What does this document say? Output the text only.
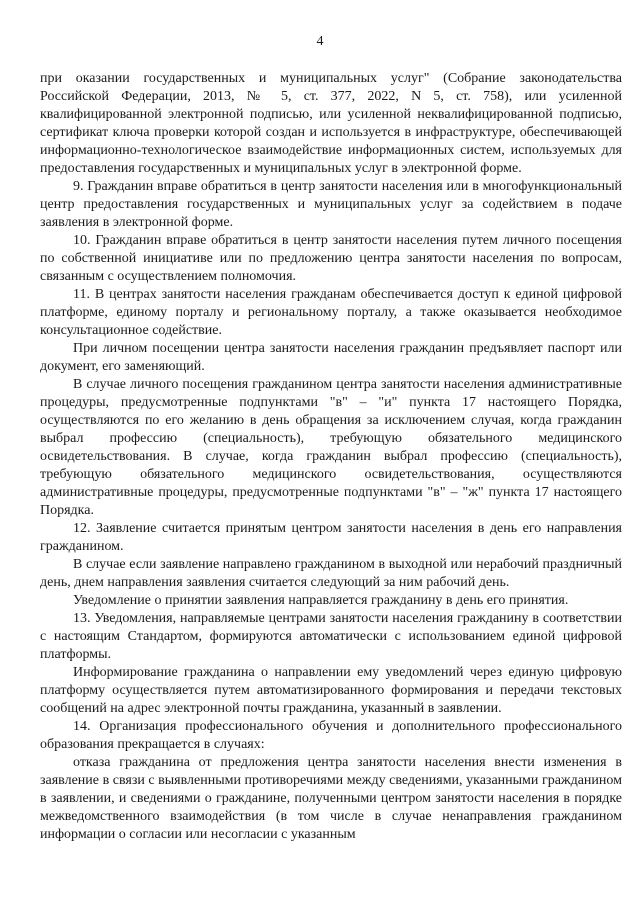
4

при оказании государственных и муниципальных услуг" (Собрание законодательства Российской Федерации, 2013, № 5, ст. 377, 2022, N 5, ст. 758), или усиленной квалифицированной электронной подписью, или усиленной неквалифицированной подписью, сертификат ключа проверки которой создан и используется в инфраструктуре, обеспечивающей информационно-технологическое взаимодействие информационных систем, используемых для предоставления государственных и муниципальных услуг в электронной форме.

9. Гражданин вправе обратиться в центр занятости населения или в многофункциональный центр предоставления государственных и муниципальных услуг за содействием в подаче заявления в электронной форме.

10. Гражданин вправе обратиться в центр занятости населения путем личного посещения по собственной инициативе или по предложению центра занятости населения по вопросам, связанным с осуществлением полномочия.

11. В центрах занятости населения гражданам обеспечивается доступ к единой цифровой платформе, единому порталу и региональному порталу, а также оказывается необходимое консультационное содействие.

При личном посещении центра занятости населения гражданин предъявляет паспорт или документ, его заменяющий.

В случае личного посещения гражданином центра занятости населения административные процедуры, предусмотренные подпунктами "в" – "и" пункта 17 настоящего Порядка, осуществляются по его желанию в день обращения за исключением случая, когда гражданин выбрал профессию (специальность), требующую обязательного медицинского освидетельствования. В случае, когда гражданин выбрал профессию (специальность), требующую обязательного медицинского освидетельствования, осуществляются административные процедуры, предусмотренные подпунктами "в" – "ж" пункта 17 настоящего Порядка.

12. Заявление считается принятым центром занятости населения в день его направления гражданином.

В случае если заявление направлено гражданином в выходной или нерабочий праздничный день, днем направления заявления считается следующий за ним рабочий день.

Уведомление о принятии заявления направляется гражданину в день его принятия.

13. Уведомления, направляемые центрами занятости населения гражданину в соответствии с настоящим Стандартом, формируются автоматически с использованием единой цифровой платформы.

Информирование гражданина о направлении ему уведомлений через единую цифровую платформу осуществляется путем автоматизированного формирования и передачи текстовых сообщений на адрес электронной почты гражданина, указанный в заявлении.

14. Организация профессионального обучения и дополнительного профессионального образования прекращается в случаях:

отказа гражданина от предложения центра занятости населения внести изменения в заявление в связи с выявленными противоречиями между сведениями, указанными гражданином в заявлении, и сведениями о гражданине, полученными центром занятости населения в порядке межведомственного взаимодействия (в том числе в случае ненаправления гражданином информации о согласии или несогласии с указанным
